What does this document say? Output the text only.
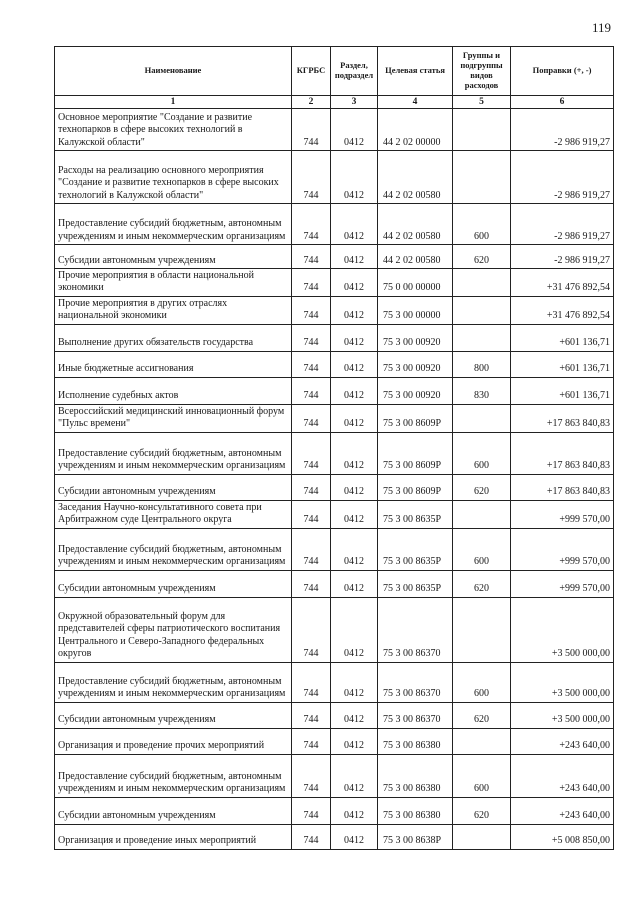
119
Наименование	КГРБС	Раздел, подраздел	Целевая статья	Группы и подгруппы видов расходов	Поправки (+, -)
1	2	3	4	5	6
Основное мероприятие "Создание и развитие технопарков в сфере высоких технологий в Калужской области"	744	0412	44 2 02 00000		-2 986 919,27
Расходы на реализацию основного мероприятия "Создание и развитие технопарков в сфере высоких технологий в Калужской области"	744	0412	44 2 02 00580		-2 986 919,27
Предоставление субсидий бюджетным, автономным учреждениям и иным некоммерческим организациям	744	0412	44 2 02 00580	600	-2 986 919,27
Субсидии автономным учреждениям	744	0412	44 2 02 00580	620	-2 986 919,27
Прочие мероприятия в области национальной экономики	744	0412	75 0 00 00000		+31 476 892,54
Прочие мероприятия в других отраслях национальной экономики	744	0412	75 3 00 00000		+31 476 892,54
Выполнение других обязательств государства	744	0412	75 3 00 00920		+601 136,71
Иные бюджетные ассигнования	744	0412	75 3 00 00920	800	+601 136,71
Исполнение судебных актов	744	0412	75 3 00 00920	830	+601 136,71
Всероссийский медицинский инновационный форум "Пульс времени"	744	0412	75 3 00 8609Р		+17 863 840,83
Предоставление субсидий бюджетным, автономным учреждениям и иным некоммерческим организациям	744	0412	75 3 00 8609Р	600	+17 863 840,83
Субсидии автономным учреждениям	744	0412	75 3 00 8609Р	620	+17 863 840,83
Заседания Научно-консультативного совета при Арбитражном суде Центрального округа	744	0412	75 3 00 8635Р		+999 570,00
Предоставление субсидий бюджетным, автономным учреждениям и иным некоммерческим организациям	744	0412	75 3 00 8635Р	600	+999 570,00
Субсидии автономным учреждениям	744	0412	75 3 00 8635Р	620	+999 570,00
Окружной образовательный форум для представителей сферы патриотического воспитания Центрального и Северо-Западного федеральных округов	744	0412	75 3 00 86370		+3 500 000,00
Предоставление субсидий бюджетным, автономным учреждениям и иным некоммерческим организациям	744	0412	75 3 00 86370	600	+3 500 000,00
Субсидии автономным учреждениям	744	0412	75 3 00 86370	620	+3 500 000,00
Организация и проведение прочих мероприятий	744	0412	75 3 00 86380		+243 640,00
Предоставление субсидий бюджетным, автономным учреждениям и иным некоммерческим организациям	744	0412	75 3 00 86380	600	+243 640,00
Субсидии автономным учреждениям	744	0412	75 3 00 86380	620	+243 640,00
Организация и проведение иных мероприятий	744	0412	75 3 00 8638Р		+5 008 850,00
